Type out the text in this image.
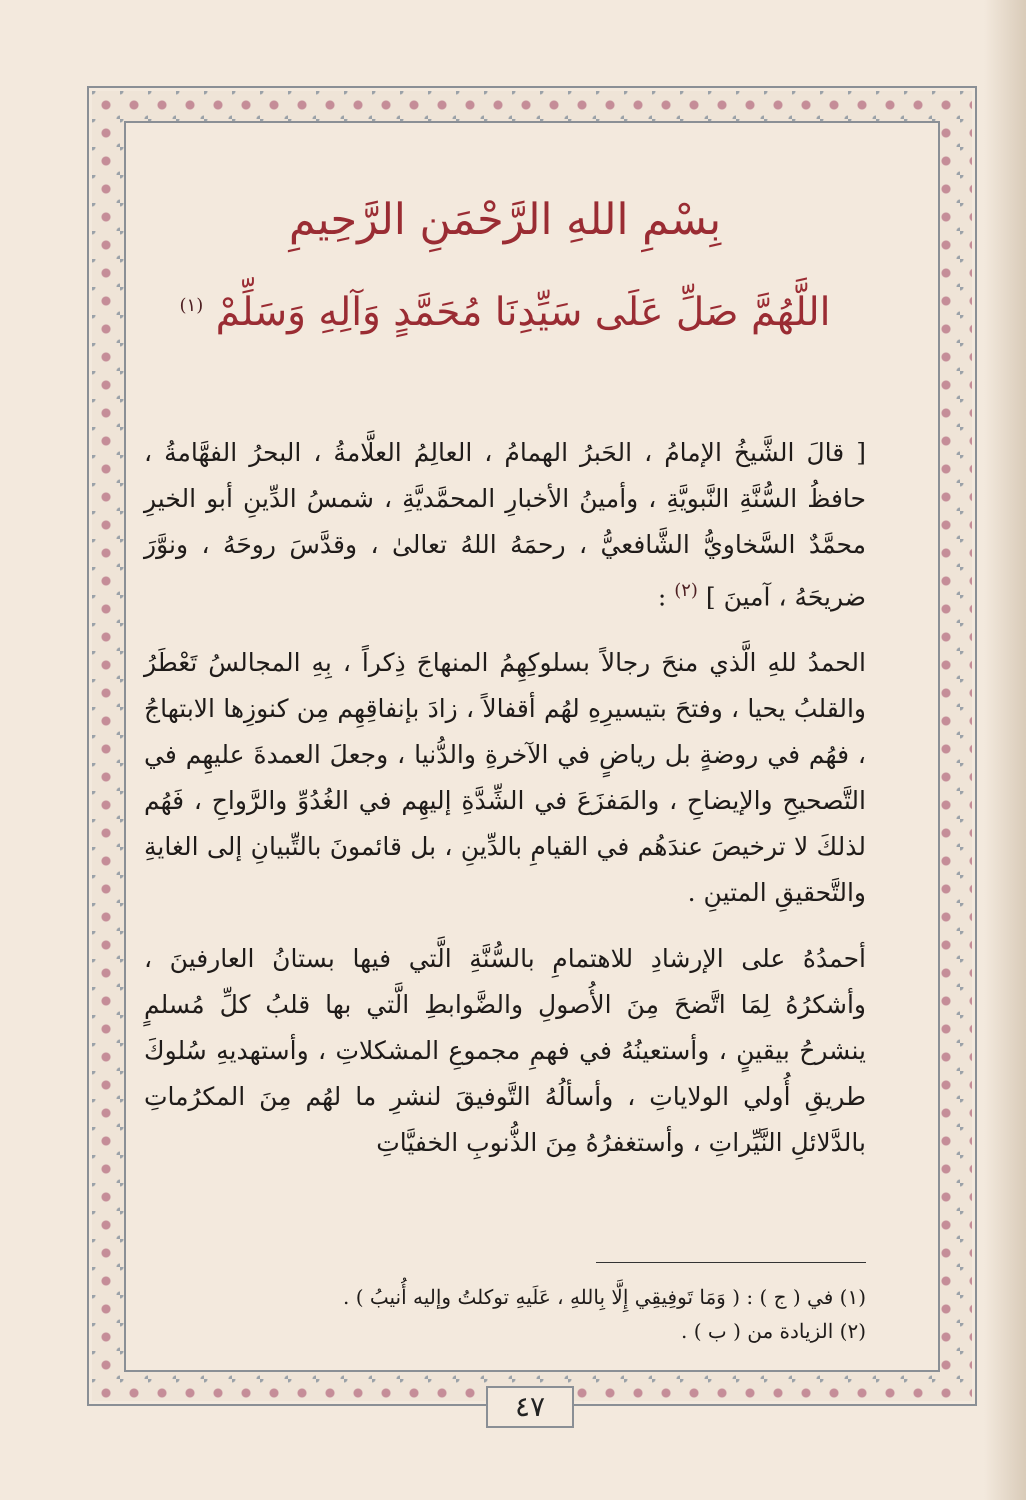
بِسْمِ اللهِ الرَّحْمَنِ الرَّحِيمِ
اللَّهُمَّ صَلِّ عَلَى سَيِّدِنَا مُحَمَّدٍ وَآلِهِ وَسَلِّمْ $^{(١)}$

[ قالَ الشَّيخُ الإمامُ ، الحَبرُ الهمامُ ، العالِمُ العلَّامةُ ، البحرُ الفهَّامةُ ، حافظُ السُّنَّةِ النَّبويَّةِ ، وأمينُ الأخبارِ المحمَّديَّةِ ، شمسُ الدِّينِ أبو الخيرِ محمَّدٌ السَّخاويُّ الشَّافعيُّ ، رحمَهُ اللهُ تعالىٰ ، وقدَّسَ روحَهُ ، ونوَّرَ ضريحَهُ ، آمينَ ] $^{(٢)}$ :

الحمدُ للهِ الَّذي منحَ رجالاً بسلوكِهِمُ المنهاجَ ذِكراً ، بِهِ المجالسُ تَعْطَرُ والقلبُ يحيا ، وفتحَ بتيسيرِهِ لهُم أقفالاً ، زادَ بإنفاقِهِم مِن كنوزِها الابتهاجُ ، فهُم في روضةٍ بل رياضٍ في الآخرةِ والدُّنيا ، وجعلَ العمدةَ عليهِم في التَّصحيحِ والإيضاحِ ، والمَفزَعَ في الشِّدَّةِ إليهِم في الغُدُوِّ والرَّواحِ ، فَهُم لذلكَ لا ترخيصَ عندَهُم في القيامِ بالدِّينِ ، بل قائمونَ بالتِّبيانِ إلى الغايةِ والتَّحقيقِ المتينِ .

أحمدُهُ على الإرشادِ للاهتمامِ بالسُّنَّةِ الَّتي فيها بستانُ العارفينَ ، وأشكرُهُ لِمَا اتَّضحَ مِنَ الأُصولِ والضَّوابطِ الَّتي بها قلبُ كلِّ مُسلمٍ ينشرحُ بيقينٍ ، وأستعينُهُ في فهمِ مجموعِ المشكلاتِ ، وأستهديهِ سُلوكَ طريقِ أُولي الولاياتِ ، وأسألُهُ التَّوفيقَ لنشرِ ما لهُم مِنَ المكرُماتِ بالدَّلائلِ النَّيِّراتِ ، وأستغفرُهُ مِنَ الذُّنوبِ الخفيَّاتِ

(١) في ( ج ) : ( وَمَا تَوفِيقِي إِلَّا بِاللهِ ، عَلَيهِ توكلتُ وإليه أُنيبُ ) .
(٢) الزيادة من ( ب ) .
٤٧
